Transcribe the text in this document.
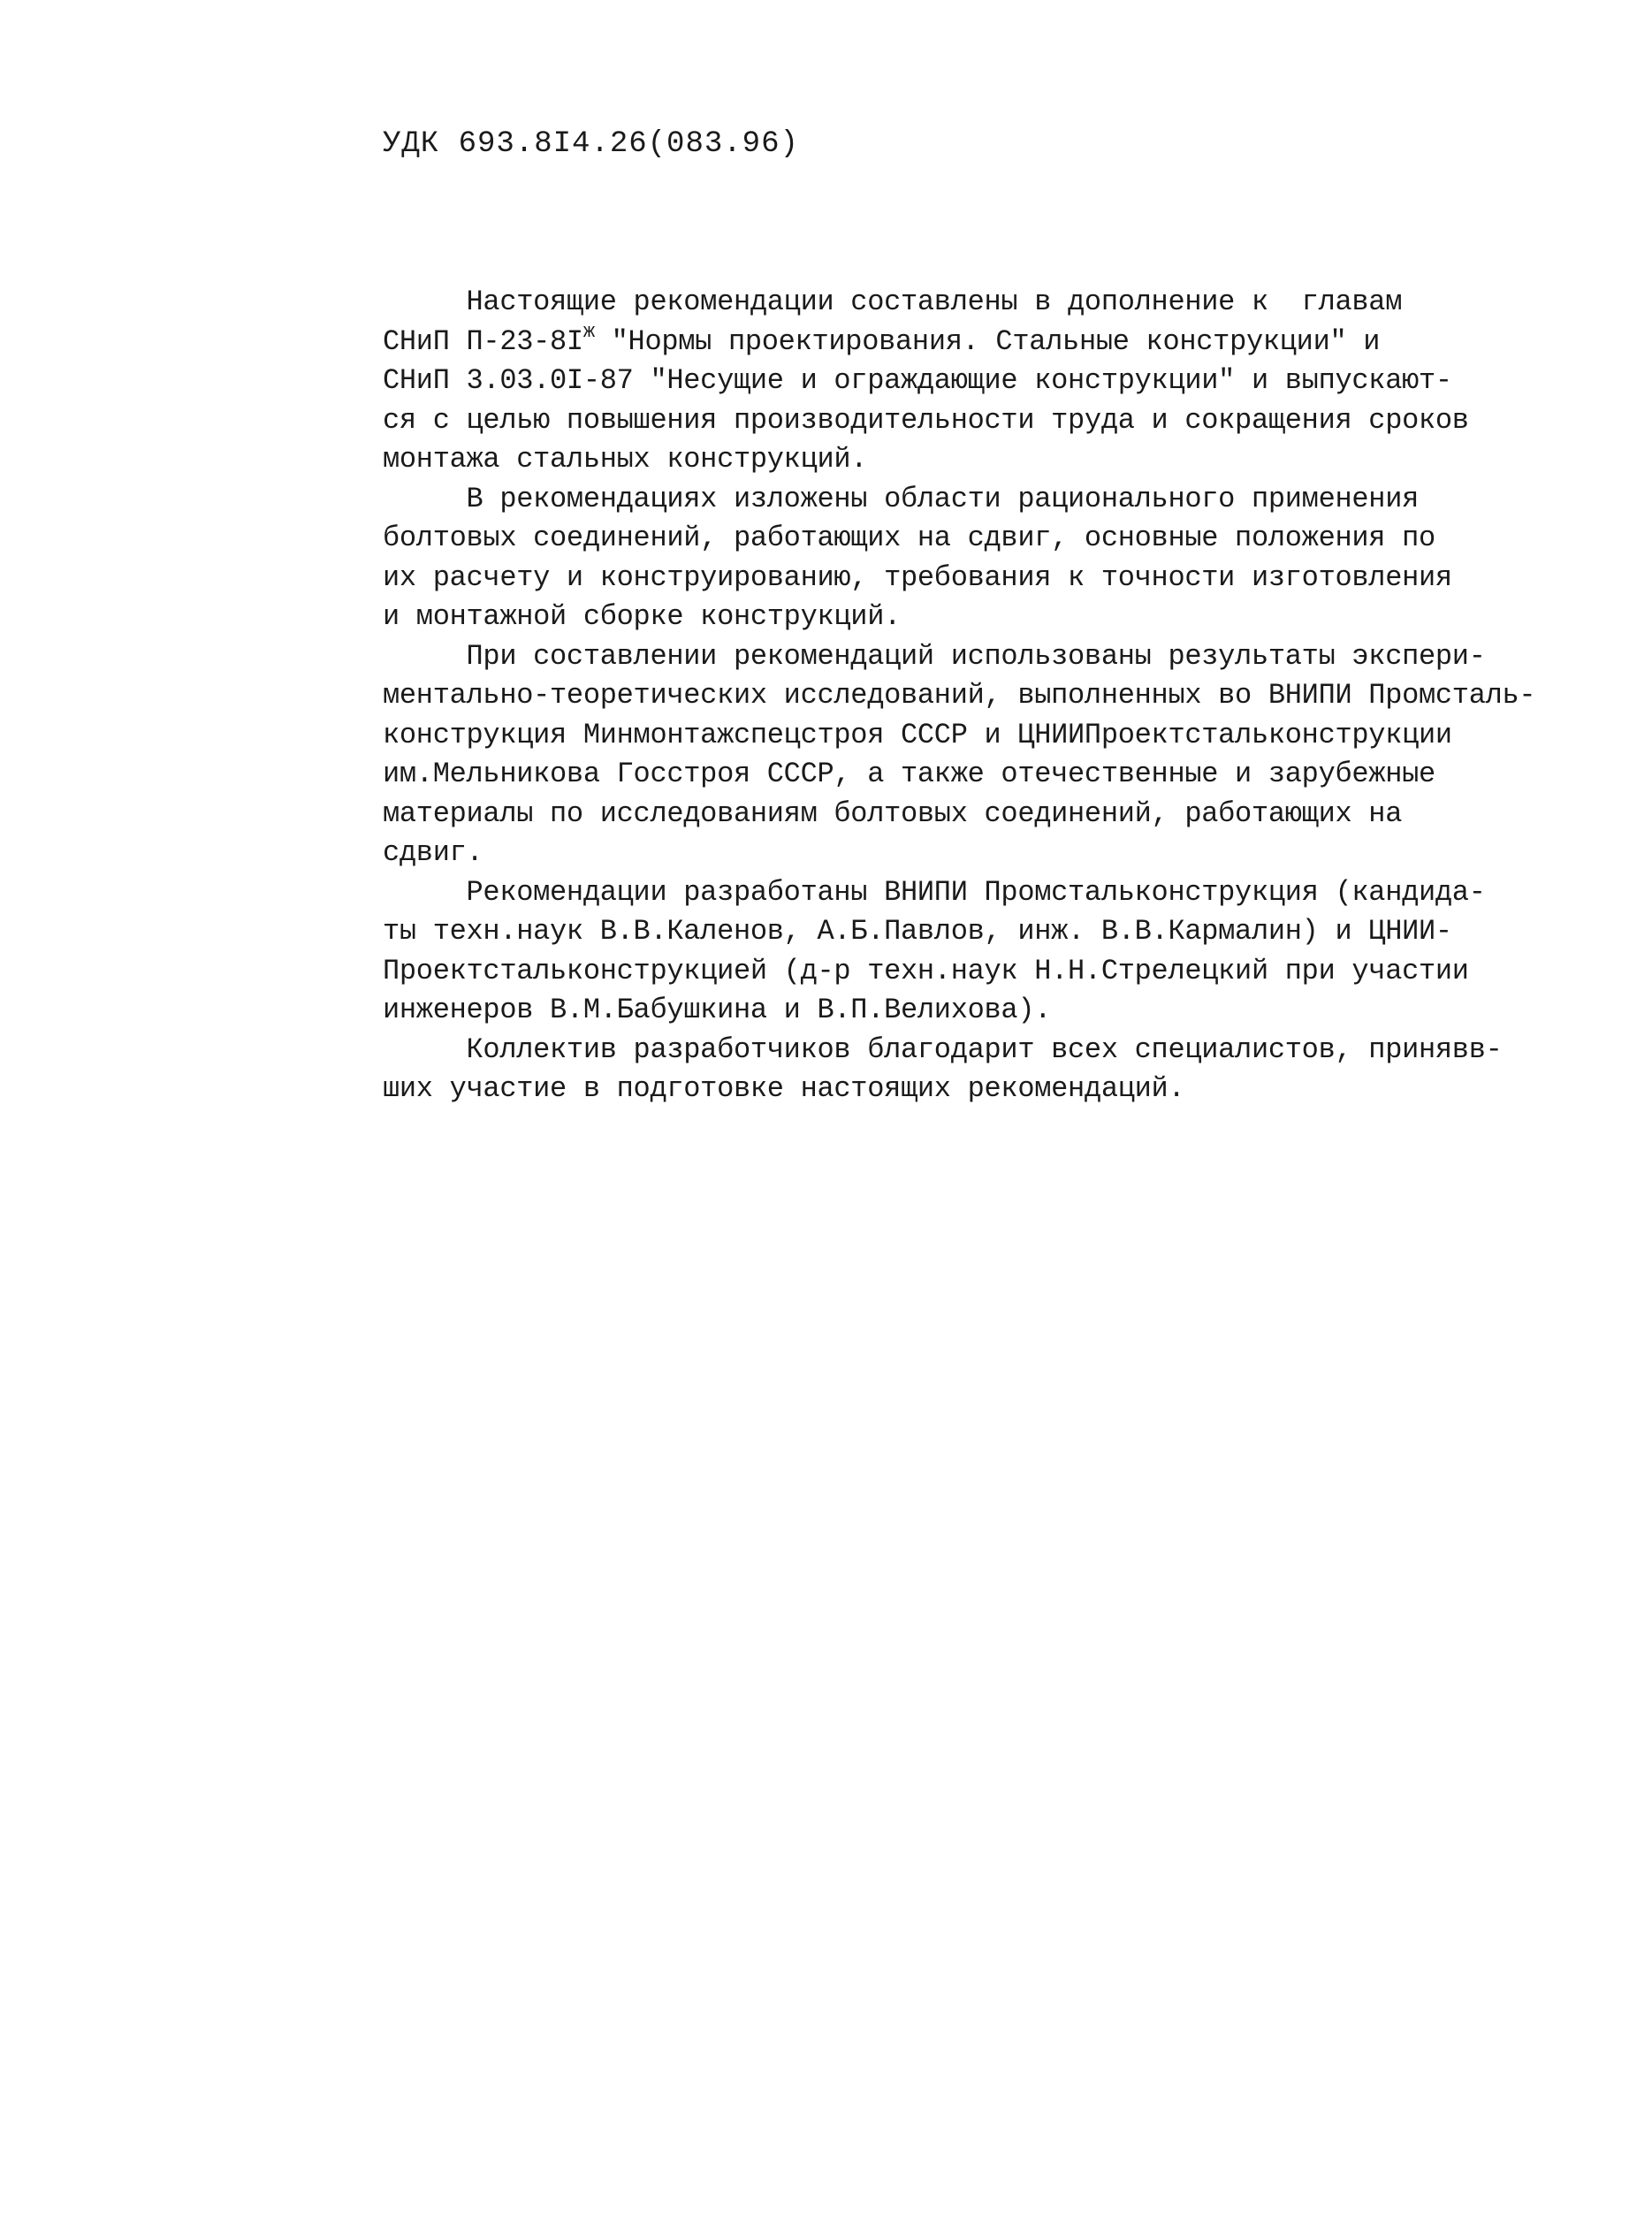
УДК 693.8I4.26(083.96)
Настоящие рекомендации составлены в дополнение к  главам
СНиП $П-23-8I^ж$ "Нормы проектирования. Стальные конструкции" и
СНиП 3.03.0I-87 "Несущие и ограждающие конструкции" и выпускают-
ся с целью повышения производительности труда и сокращения сроков
монтажа стальных конструкций.
В рекомендациях изложены области рационального применения
болтовых соединений, работающих на сдвиг, основные положения по
их расчету и конструированию, требования к точности изготовления
и монтажной сборке конструкций.
При составлении рекомендаций использованы результаты экспери-
ментально-теоретических исследований, выполненных во ВНИПИ Промсталь-
конструкция Минмонтажспецстроя СССР и ЦНИИПроектстальконструкции
им.Мельникова Госстроя СССР, а также отечественные и зарубежные
материалы по исследованиям болтовых соединений, работающих на
сдвиг.
Рекомендации разработаны ВНИПИ Промстальконструкция (кандида-
ты техн.наук В.В.Каленов, А.Б.Павлов, инж. В.В.Кармалин) и ЦНИИ-
Проектстальконструкцией (д-р техн.наук Н.Н.Стрелецкий при участии
инженеров В.М.Бабушкина и В.П.Велихова).
Коллектив разработчиков благодарит всех специалистов, принявв-
ших участие в подготовке настоящих рекомендаций.
